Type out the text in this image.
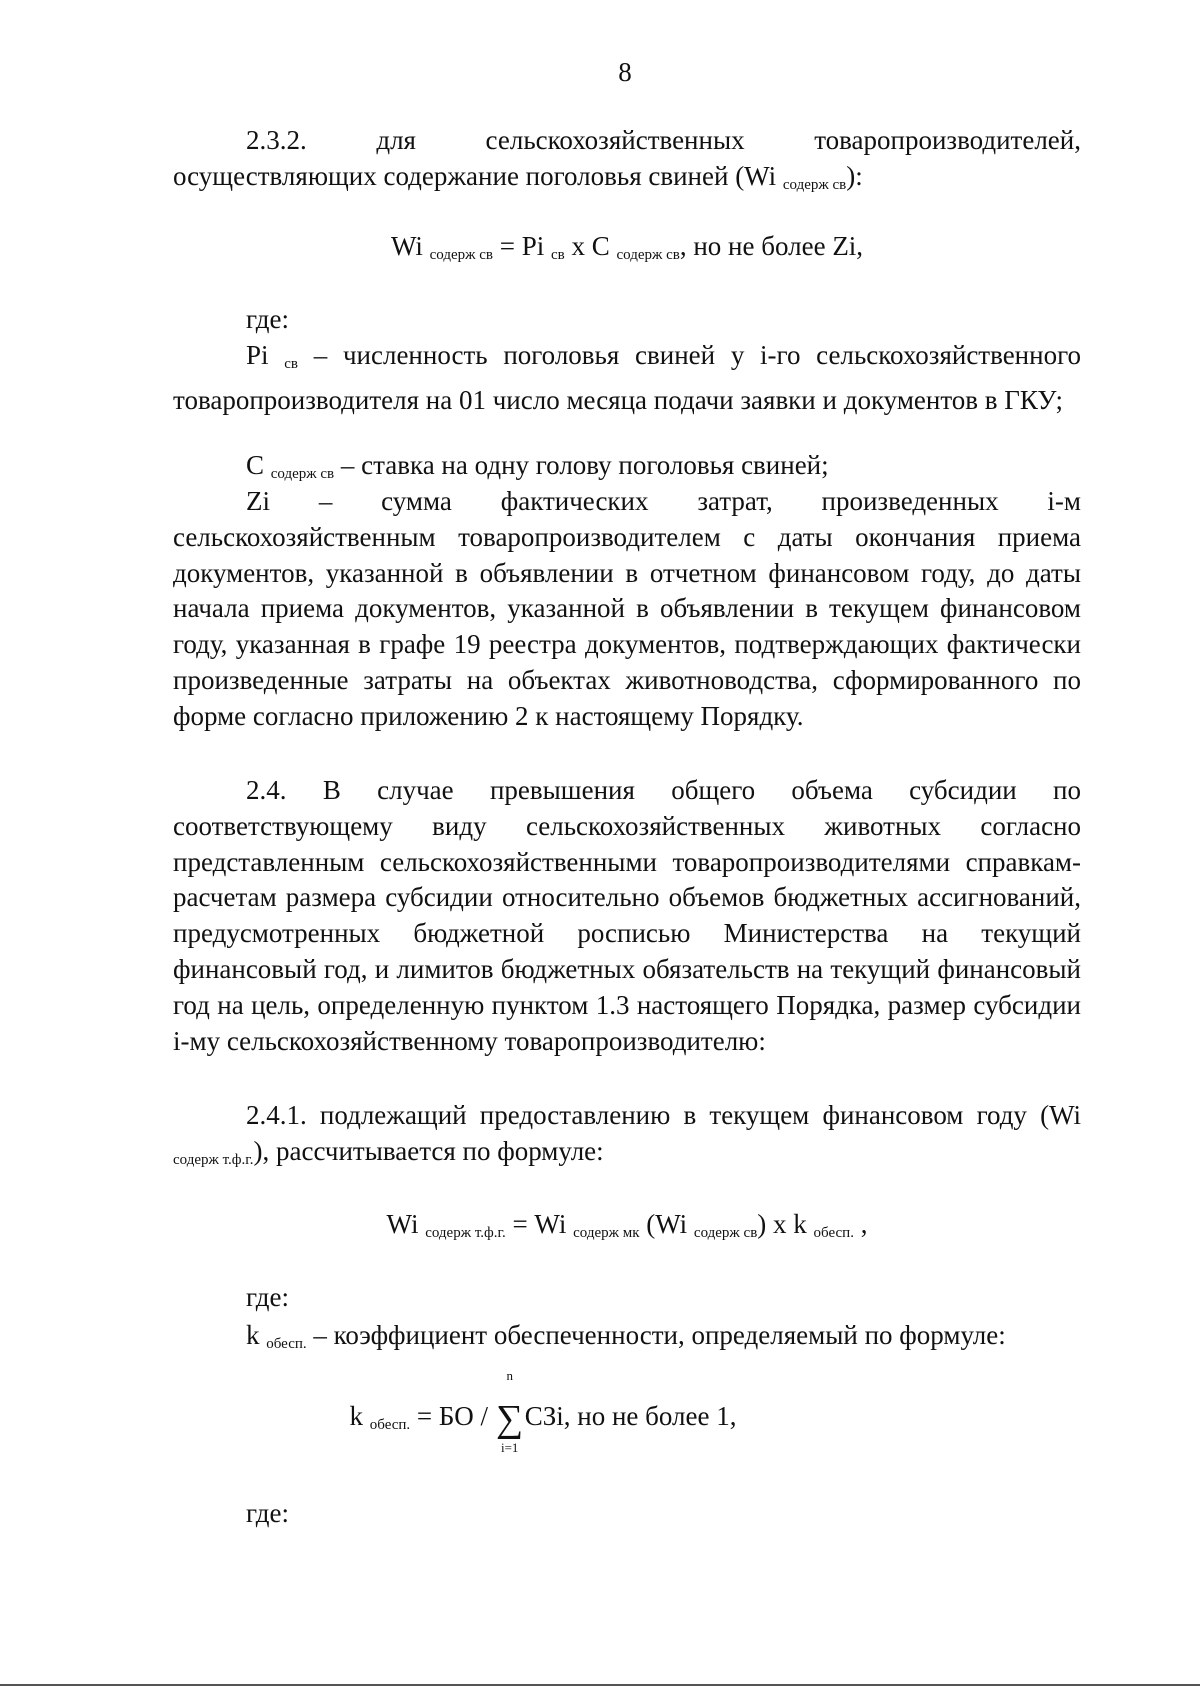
8

2.3.2. для сельскохозяйственных товаропроизводителей, осуществляющих содержание поголовья свиней (Wi $_{содерж св}$):

Wi $_{содерж св}$ = Pi $_{св}$ х С $_{содерж св}$, но не более Zi,
где:

Pi $_{св}$ – численность поголовья свиней у i-го сельскохозяйственного товаропроизводителя на 01 число месяца подачи заявки и документов в ГКУ;

С $_{содерж св}$ – ставка на одну голову поголовья свиней;

Zi – сумма фактических затрат, произведенных i-м сельскохозяйственным товаропроизводителем с даты окончания приема документов, указанной в объявлении в отчетном финансовом году, до даты начала приема документов, указанной в объявлении в текущем финансовом году, указанная в графе 19 реестра документов, подтверждающих фактически произведенные затраты на объектах животноводства, сформированного по форме согласно приложению 2 к настоящему Порядку.

2.4. В случае превышения общего объема субсидии по соответствующему виду сельскохозяйственных животных согласно представленным сельскохозяйственными товаропроизводителями справкам-расчетам размера субсидии относительно объемов бюджетных ассигнований, предусмотренных бюджетной росписью Министерства на текущий финансовый год, и лимитов бюджетных обязательств на текущий финансовый год на цель, определенную пунктом 1.3 настоящего Порядка, размер субсидии i-му сельскохозяйственному товаропроизводителю:

2.4.1. подлежащий предоставлению в текущем финансовом году (Wi $_{содерж т.ф.г.}$), рассчитывается по формуле:

Wi $_{содерж т.ф.г.}$ = Wi $_{содерж мк}$ (Wi $_{содерж св}$) х k $_{обесп.}$ ,
где:

k $_{обесп.}$ – коэффициент обеспеченности, определяемый по формуле:

k $_{обесп.}$ = БО /
n
∑
i=1
СЗi, но не более 1,
где:
